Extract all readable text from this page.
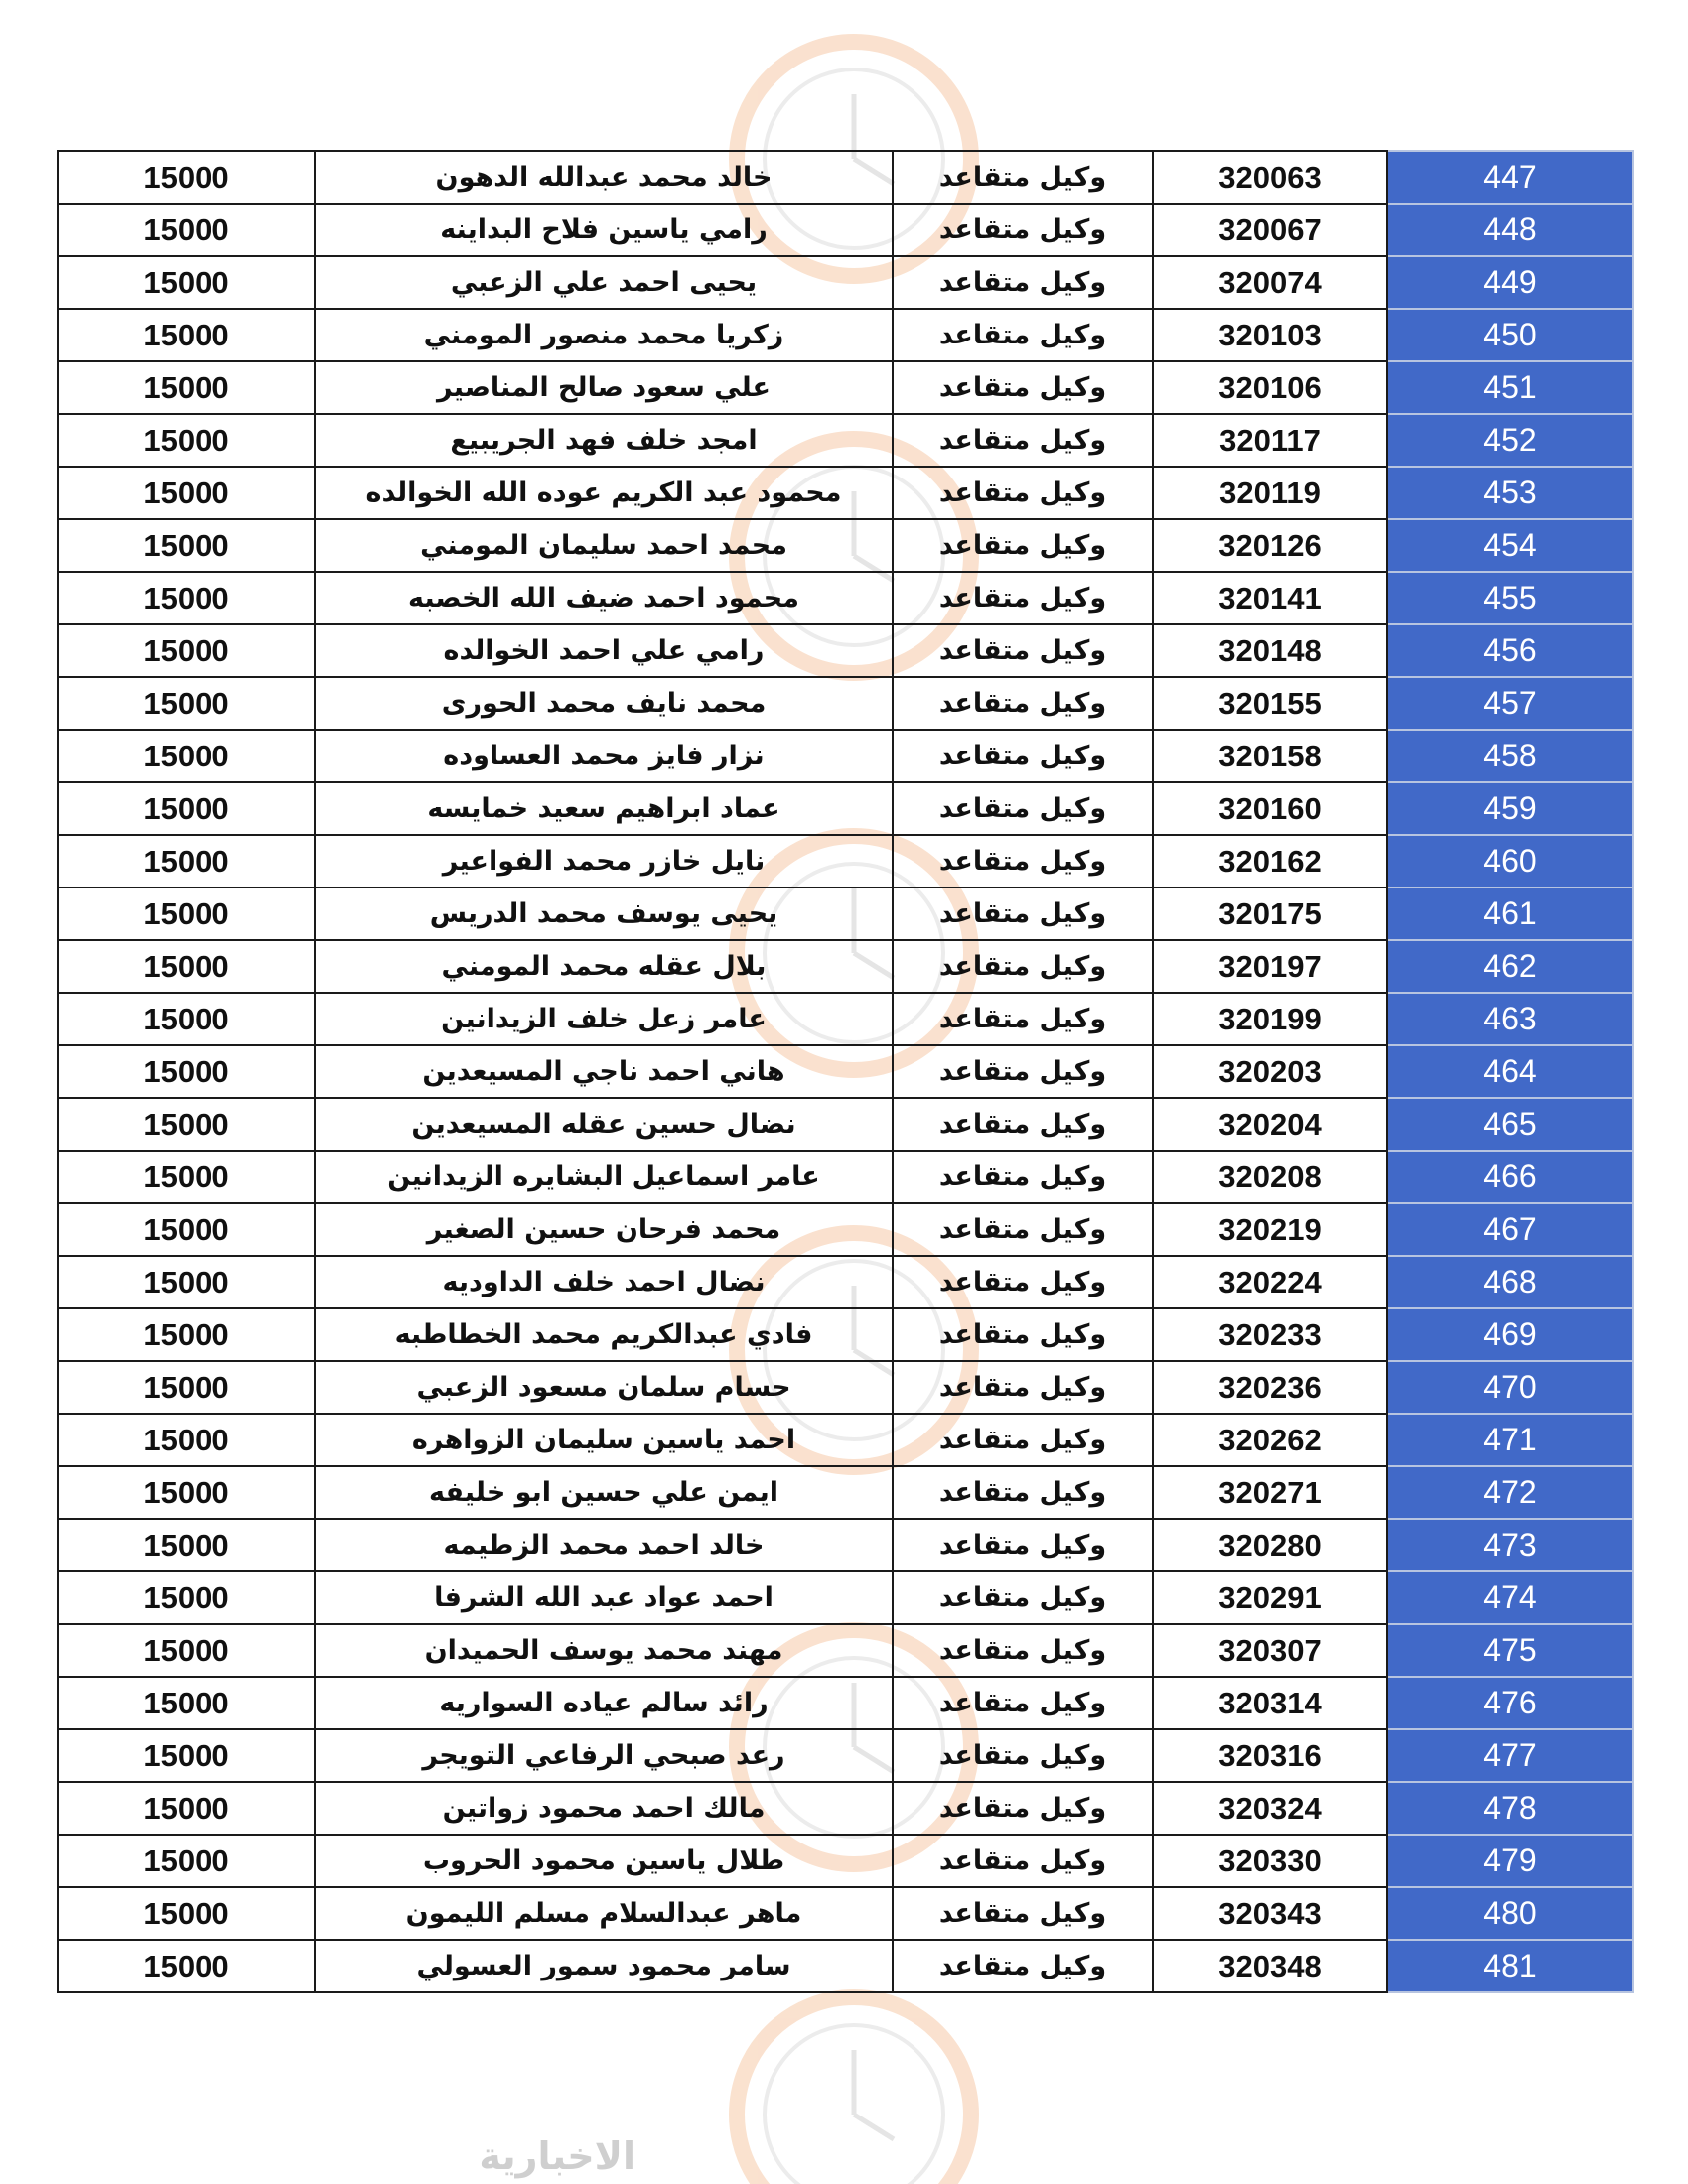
الاخبارية
15000	خالد محمد عبدالله الدهون	وكيل متقاعد	320063	447
15000	رامي ياسين فلاح البداينه	وكيل متقاعد	320067	448
15000	يحيى احمد علي الزعبي	وكيل متقاعد	320074	449
15000	زكريا محمد منصور المومني	وكيل متقاعد	320103	450
15000	علي سعود صالح المناصير	وكيل متقاعد	320106	451
15000	امجد خلف فهد الجريبيع	وكيل متقاعد	320117	452
15000	محمود عبد الكريم عوده الله الخوالده	وكيل متقاعد	320119	453
15000	محمد احمد سليمان المومني	وكيل متقاعد	320126	454
15000	محمود احمد ضيف الله الخصبه	وكيل متقاعد	320141	455
15000	رامي علي احمد الخوالده	وكيل متقاعد	320148	456
15000	محمد نايف محمد الحورى	وكيل متقاعد	320155	457
15000	نزار فايز محمد العساوده	وكيل متقاعد	320158	458
15000	عماد ابراهيم سعيد خمايسه	وكيل متقاعد	320160	459
15000	نايل خازر محمد الفواعير	وكيل متقاعد	320162	460
15000	يحيى يوسف محمد الدريس	وكيل متقاعد	320175	461
15000	بلال عقله محمد المومني	وكيل متقاعد	320197	462
15000	عامر زعل خلف الزيدانين	وكيل متقاعد	320199	463
15000	هاني احمد ناجي المسيعدين	وكيل متقاعد	320203	464
15000	نضال حسين عقله المسيعدين	وكيل متقاعد	320204	465
15000	عامر اسماعيل البشايره الزيدانين	وكيل متقاعد	320208	466
15000	محمد فرحان حسين الصغير	وكيل متقاعد	320219	467
15000	نضال احمد خلف الداوديه	وكيل متقاعد	320224	468
15000	فادي عبدالكريم محمد الخطاطبه	وكيل متقاعد	320233	469
15000	حسام سلمان مسعود الزعبي	وكيل متقاعد	320236	470
15000	احمد ياسين سليمان الزواهره	وكيل متقاعد	320262	471
15000	ايمن علي حسين ابو خليفه	وكيل متقاعد	320271	472
15000	خالد احمد محمد الزطيمه	وكيل متقاعد	320280	473
15000	احمد عواد عبد الله الشرفا	وكيل متقاعد	320291	474
15000	مهند محمد يوسف الحميدان	وكيل متقاعد	320307	475
15000	رائد سالم عياده السواريه	وكيل متقاعد	320314	476
15000	رعد صبحي الرفاعي التويجر	وكيل متقاعد	320316	477
15000	مالك احمد محمود زواتين	وكيل متقاعد	320324	478
15000	طلال ياسين محمود الحروب	وكيل متقاعد	320330	479
15000	ماهر عبدالسلام مسلم الليمون	وكيل متقاعد	320343	480
15000	سامر محمود سمور العسولي	وكيل متقاعد	320348	481
